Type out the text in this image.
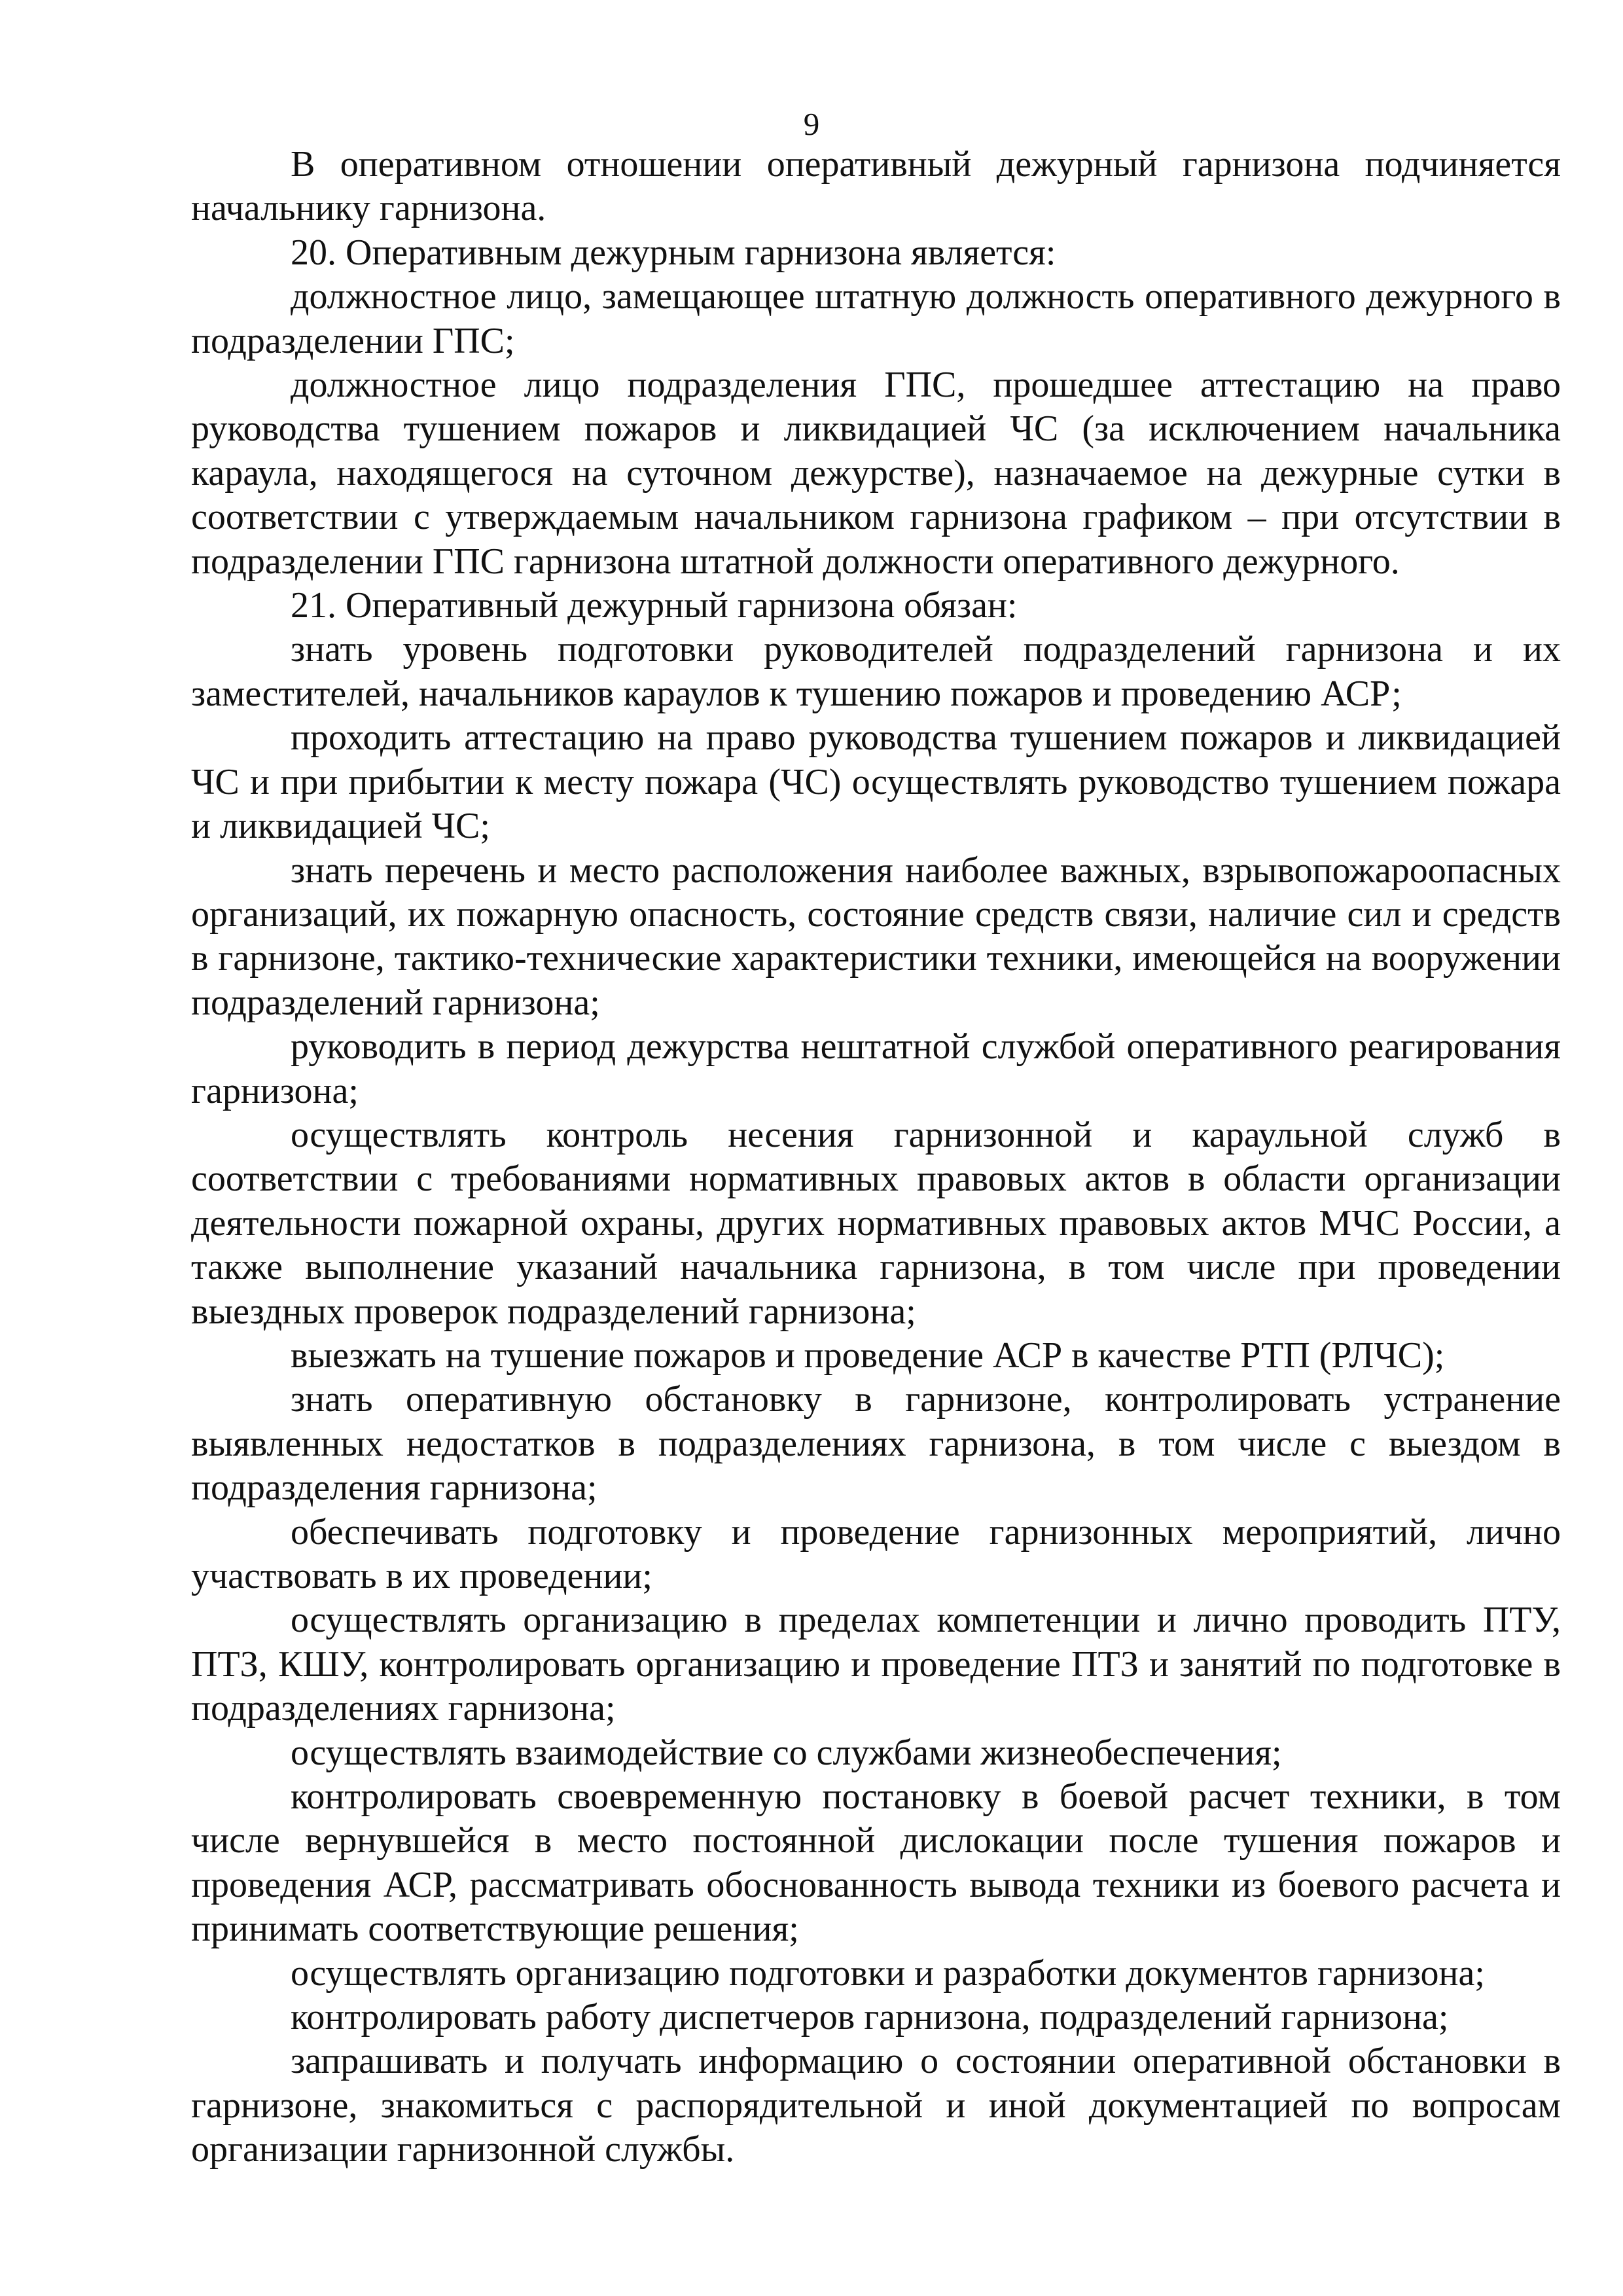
9

В оперативном отношении оперативный дежурный гарнизона подчиняется начальнику гарнизона.

20. Оперативным дежурным гарнизона является:

должностное лицо, замещающее штатную должность оперативного дежурного в подразделении ГПС;

должностное лицо подразделения ГПС, прошедшее аттестацию на право руководства тушением пожаров и ликвидацией ЧС (за исключением начальника караула, находящегося на суточном дежурстве), назначаемое на дежурные сутки в соответствии с утверждаемым начальником гарнизона графиком – при отсутствии в подразделении ГПС гарнизона штатной должности оперативного дежурного.

21. Оперативный дежурный гарнизона обязан:

знать уровень подготовки руководителей подразделений гарнизона и их заместителей, начальников караулов к тушению пожаров и проведению АСР;

проходить аттестацию на право руководства тушением пожаров и ликвидацией ЧС и при прибытии к месту пожара (ЧС) осуществлять руководство тушением пожара и ликвидацией ЧС;

знать перечень и место расположения наиболее важных, взрывопожароопасных организаций, их пожарную опасность, состояние средств связи, наличие сил и средств в гарнизоне, тактико-технические характеристики техники, имеющейся на вооружении подразделений гарнизона;

руководить в период дежурства нештатной службой оперативного реагирования гарнизона;

осуществлять контроль несения гарнизонной и караульной служб в соответствии с требованиями нормативных правовых актов в области организации деятельности пожарной охраны, других нормативных правовых актов МЧС России, а также выполнение указаний начальника гарнизона, в том числе при проведении выездных проверок подразделений гарнизона;

выезжать на тушение пожаров и проведение АСР в качестве РТП (РЛЧС);

знать оперативную обстановку в гарнизоне, контролировать устранение выявленных недостатков в подразделениях гарнизона, в том числе с выездом в подразделения гарнизона;

обеспечивать подготовку и проведение гарнизонных мероприятий, лично участвовать в их проведении;

осуществлять организацию в пределах компетенции и лично проводить ПТУ, ПТЗ, КШУ, контролировать организацию и проведение ПТЗ и занятий по подготовке в подразделениях гарнизона;

осуществлять взаимодействие со службами жизнеобеспечения;

контролировать своевременную постановку в боевой расчет техники, в том числе вернувшейся в место постоянной дислокации после тушения пожаров и проведения АСР, рассматривать обоснованность вывода техники из боевого расчета и принимать соответствующие решения;

осуществлять организацию подготовки и разработки документов гарнизона;

контролировать работу диспетчеров гарнизона, подразделений гарнизона;

запрашивать и получать информацию о состоянии оперативной обстановки в гарнизоне, знакомиться с распорядительной и иной документацией по вопросам организации гарнизонной службы.
